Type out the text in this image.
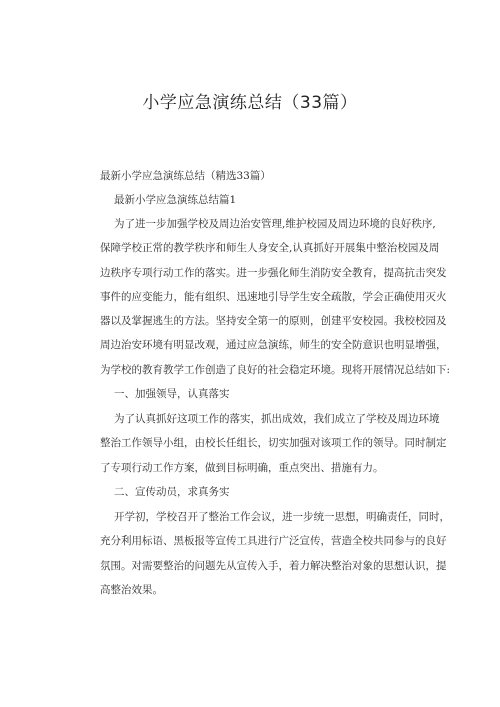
小学应急演练总结（33篇）
最新小学应急演练总结（精选33篇）
最新小学应急演练总结篇1
为了进一步加强学校及周边治安管理,维护校园及周边环境的良好秩序,
保障学校正常的教学秩序和师生人身安全,认真抓好开展集中整治校园及周
边秩序专项行动工作的落实。进一步强化师生消防安全教育，提高抗击突发
事件的应变能力，能有组织、迅速地引导学生安全疏散，学会正确使用灭火
器以及掌握逃生的方法。坚持安全第一的原则，创建平安校园。我校校园及
周边治安环境有明显改观，通过应急演练，师生的安全防意识也明显增强，
为学校的教育教学工作创造了良好的社会稳定环境。现将开展情况总结如下:
一、加强领导，认真落实
为了认真抓好这项工作的落实，抓出成效，我们成立了学校及周边环境
整治工作领导小组，由校长任组长，切实加强对该项工作的领导。同时制定
了专项行动工作方案，做到目标明确，重点突出、措施有力。
二、宣传动员，求真务实
开学初，学校召开了整治工作会议，进一步统一思想，明确责任，同时，
充分利用标语、黑板报等宣传工具进行广泛宣传，营造全校共同参与的良好
氛围。对需要整治的问题先从宣传入手，着力解决整治对象的思想认识，提
高整治效果。
